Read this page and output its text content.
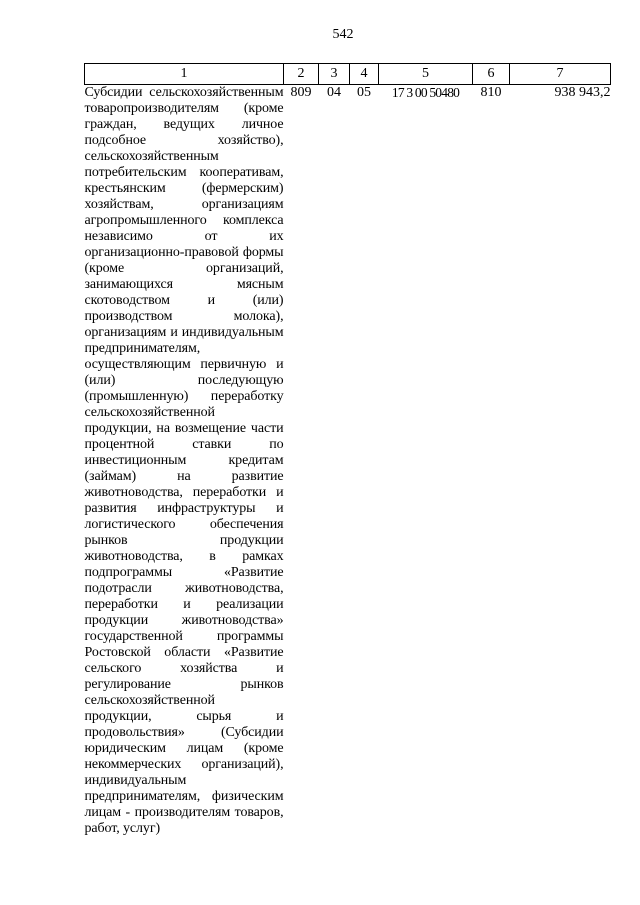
542
1	2	3	4	5	6	7
Субсидии сельскохозяйственным товаропроизводителям (кроме граждан, ведущих личное подсобное хозяйство), сельскохозяйственным потребительским кооперативам, крестьянским (фермерским) хозяйствам, организациям агропромышленного комплекса независимо от их организационно-правовой формы (кроме организаций, занимающихся мясным скотоводством и (или) производством молока), организациям и индивидуальным предпринимателям, осуществляющим первичную и (или) последующую (промышленную) переработку сельскохозяйственной продукции, на возмещение части процентной ставки по инвестиционным кредитам (займам) на развитие животноводства, переработки и развития инфраструктуры и логистического обеспечения рынков продукции животноводства, в рамках подпрограммы «Развитие подотрасли животноводства, переработки и реализации продукции животноводства» государственной программы Ростовской области «Развитие сельского хозяйства и регулирование рынков сельскохозяйственной продукции, сырья и продовольствия» (Субсидии юридическим лицам (кроме некоммерческих организаций), индивидуальным предпринимателям, физическим лицам - производителям товаров, работ, услуг)	809	04	05	17 3 00 50480	810	938 943,2
